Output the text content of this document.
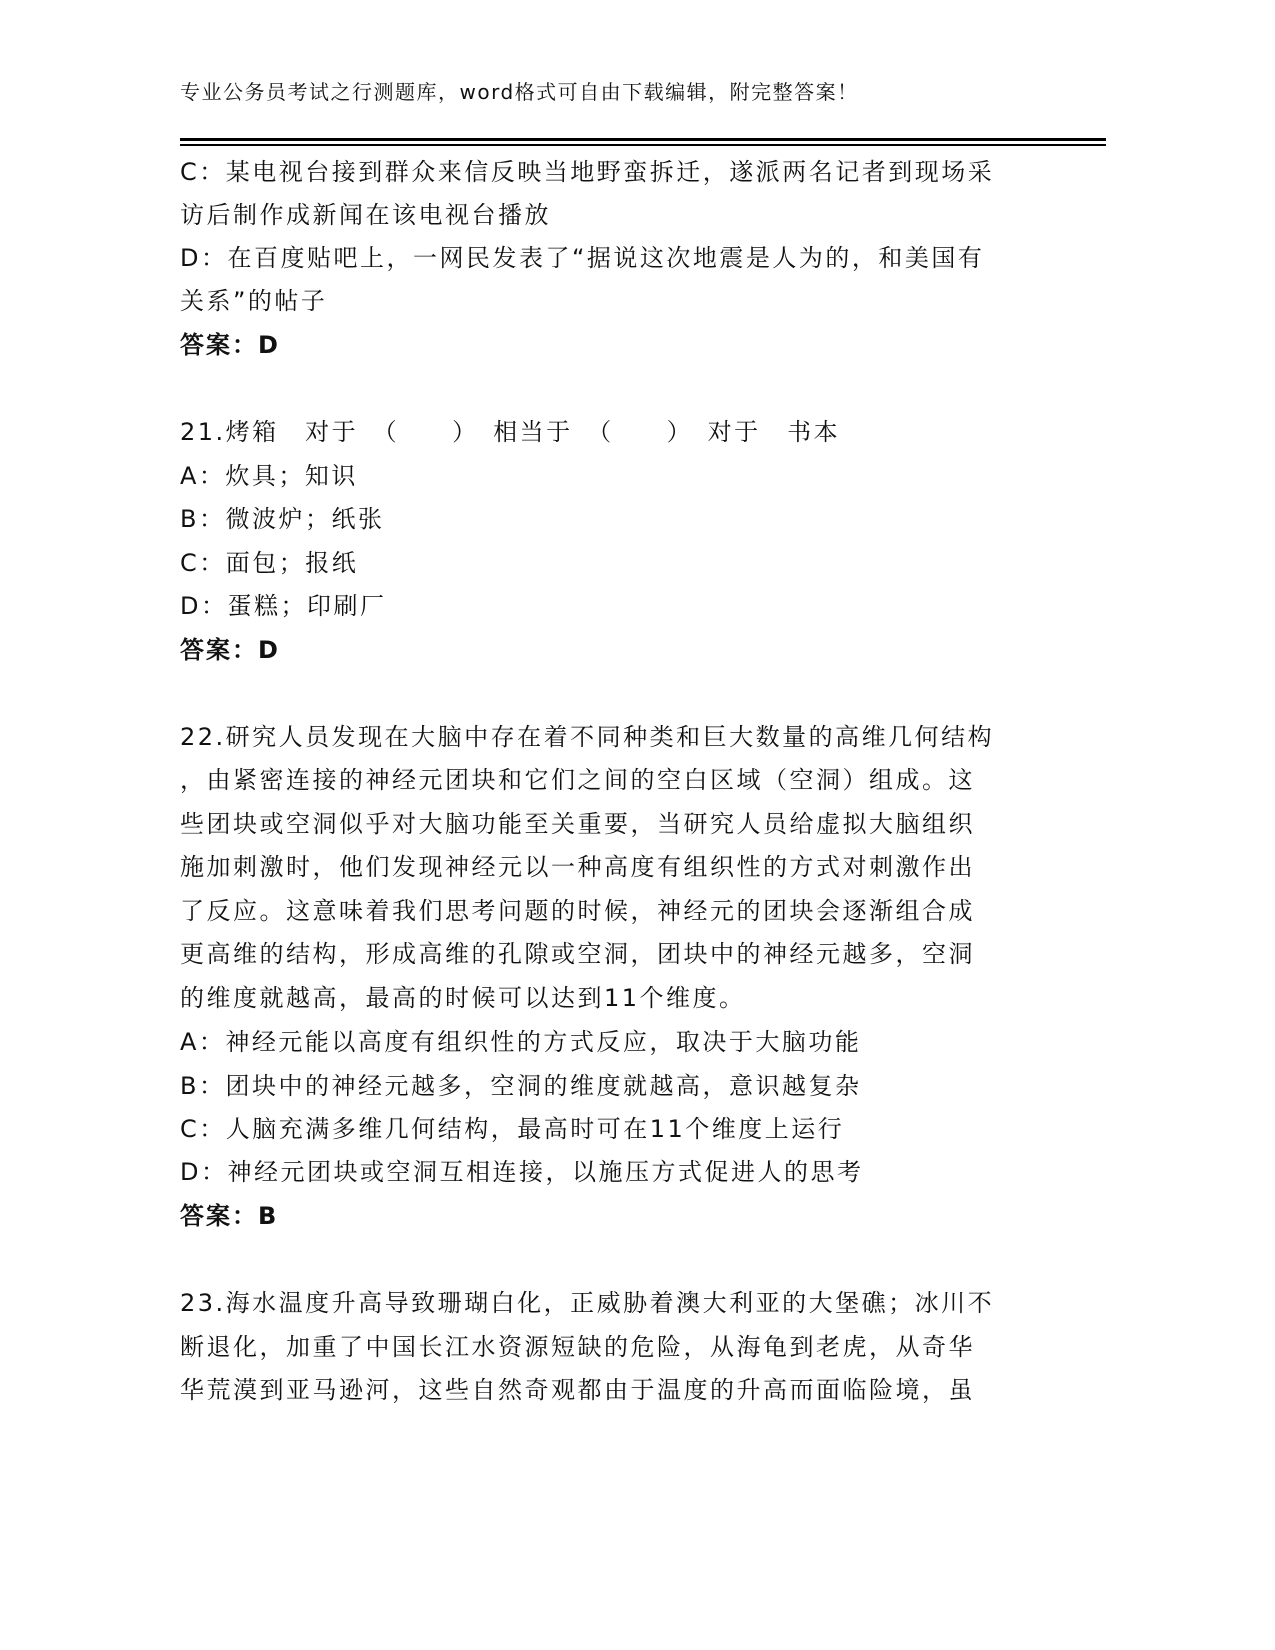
专业公务员考试之行测题库，word格式可自由下载编辑，附完整答案！
C：某电视台接到群众来信反映当地野蛮拆迁，遂派两名记者到现场采
访后制作成新闻在该电视台播放
D：在百度贴吧上，一网民发表了“据说这次地震是人为的，和美国有
关系”的帖子
答案：D
21.烤箱　对于　（　　）　相当于　（　　）　对于　书本
A：炊具；知识
B：微波炉；纸张
C：面包；报纸
D：蛋糕；印刷厂
答案：D
22.研究人员发现在大脑中存在着不同种类和巨大数量的高维几何结构
，由紧密连接的神经元团块和它们之间的空白区域（空洞）组成。这
些团块或空洞似乎对大脑功能至关重要，当研究人员给虚拟大脑组织
施加刺激时，他们发现神经元以一种高度有组织性的方式对刺激作出
了反应。这意味着我们思考问题的时候，神经元的团块会逐渐组合成
更高维的结构，形成高维的孔隙或空洞，团块中的神经元越多，空洞
的维度就越高，最高的时候可以达到11个维度。
A：神经元能以高度有组织性的方式反应，取决于大脑功能
B：团块中的神经元越多，空洞的维度就越高，意识越复杂
C：人脑充满多维几何结构，最高时可在11个维度上运行
D：神经元团块或空洞互相连接，以施压方式促进人的思考
答案：B
23.海水温度升高导致珊瑚白化，正威胁着澳大利亚的大堡礁；冰川不
断退化，加重了中国长江水资源短缺的危险，从海龟到老虎，从奇华
华荒漠到亚马逊河，这些自然奇观都由于温度的升高而面临险境，虽
